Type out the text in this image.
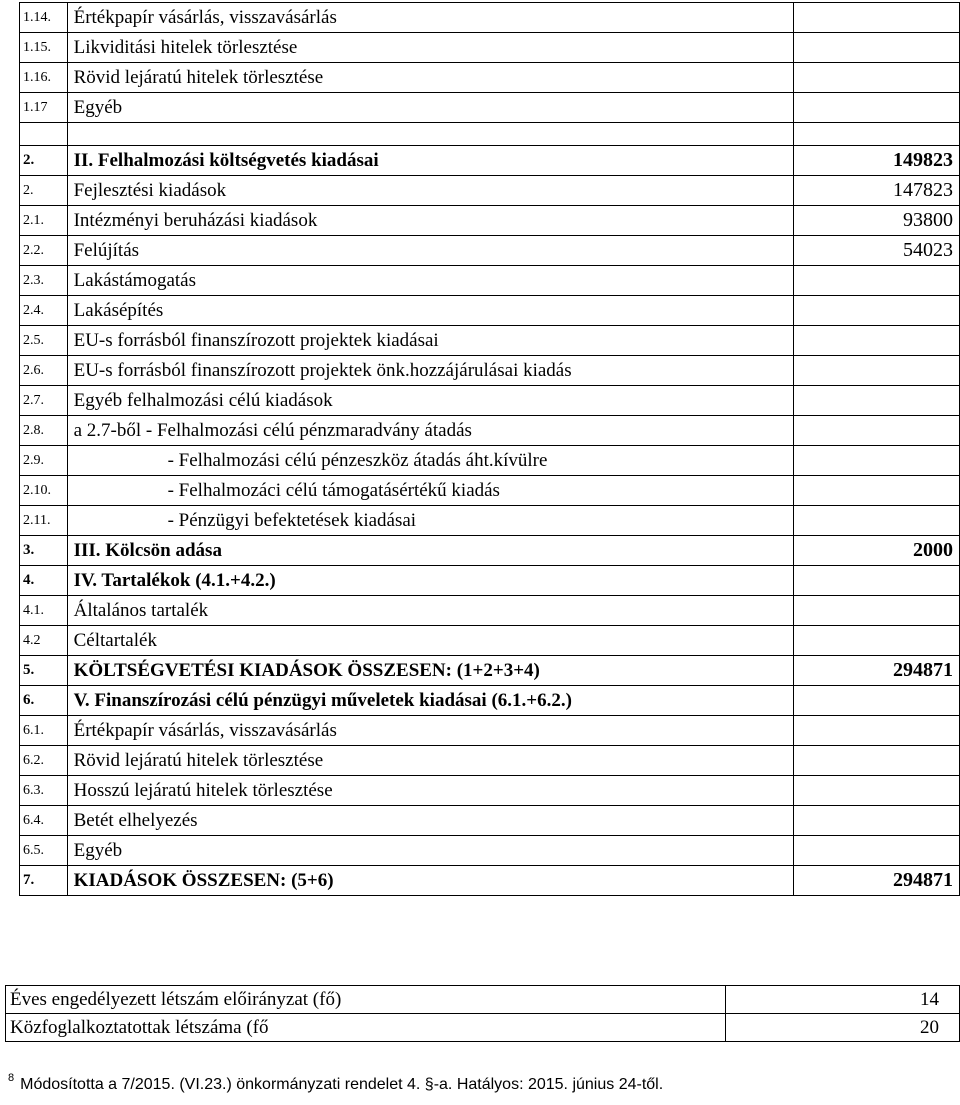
1.14.	Értékpapír vásárlás, visszavásárlás	
1.15.	Likviditási hitelek törlesztése	
1.16.	Rövid lejáratú hitelek törlesztése	
1.17	Egyéb	

2.	II. Felhalmozási költségvetés kiadásai	149823
2.	Fejlesztési kiadások	147823
2.1.	Intézményi beruházási kiadások	93800
2.2.	Felújítás	54023
2.3.	Lakástámogatás	
2.4.	Lakásépítés	
2.5.	EU-s forrásból finanszírozott projektek kiadásai	
2.6.	EU-s forrásból finanszírozott projektek önk.hozzájárulásai kiadás	
2.7.	Egyéb felhalmozási célú kiadások	
2.8.	a 2.7-ből - Felhalmozási célú pénzmaradvány átadás	
2.9.	- Felhalmozási célú pénzeszköz átadás áht.kívülre	
2.10.	- Felhalmozáci célú támogatásértékű kiadás	
2.11.	- Pénzügyi befektetések kiadásai	
3.	III. Kölcsön adása	2000
4.	IV. Tartalékok (4.1.+4.2.)	
4.1.	Általános tartalék	
4.2	Céltartalék	
5.	KÖLTSÉGVETÉSI KIADÁSOK ÖSSZESEN: (1+2+3+4)	294871
6.	V. Finanszírozási célú pénzügyi műveletek kiadásai (6.1.+6.2.)	
6.1.	Értékpapír vásárlás, visszavásárlás	
6.2.	Rövid lejáratú hitelek törlesztése	
6.3.	Hosszú lejáratú hitelek törlesztése	
6.4.	Betét elhelyezés	
6.5.	Egyéb	
7.	KIADÁSOK ÖSSZESEN: (5+6)	294871
Éves engedélyezett létszám előirányzat (fő)	14
Közfoglalkoztatottak létszáma (fő	20
$^8$ Módosította a 7/2015. (VI.23.) önkormányzati rendelet 4. §-a. Hatályos: 2015. június 24-től.
